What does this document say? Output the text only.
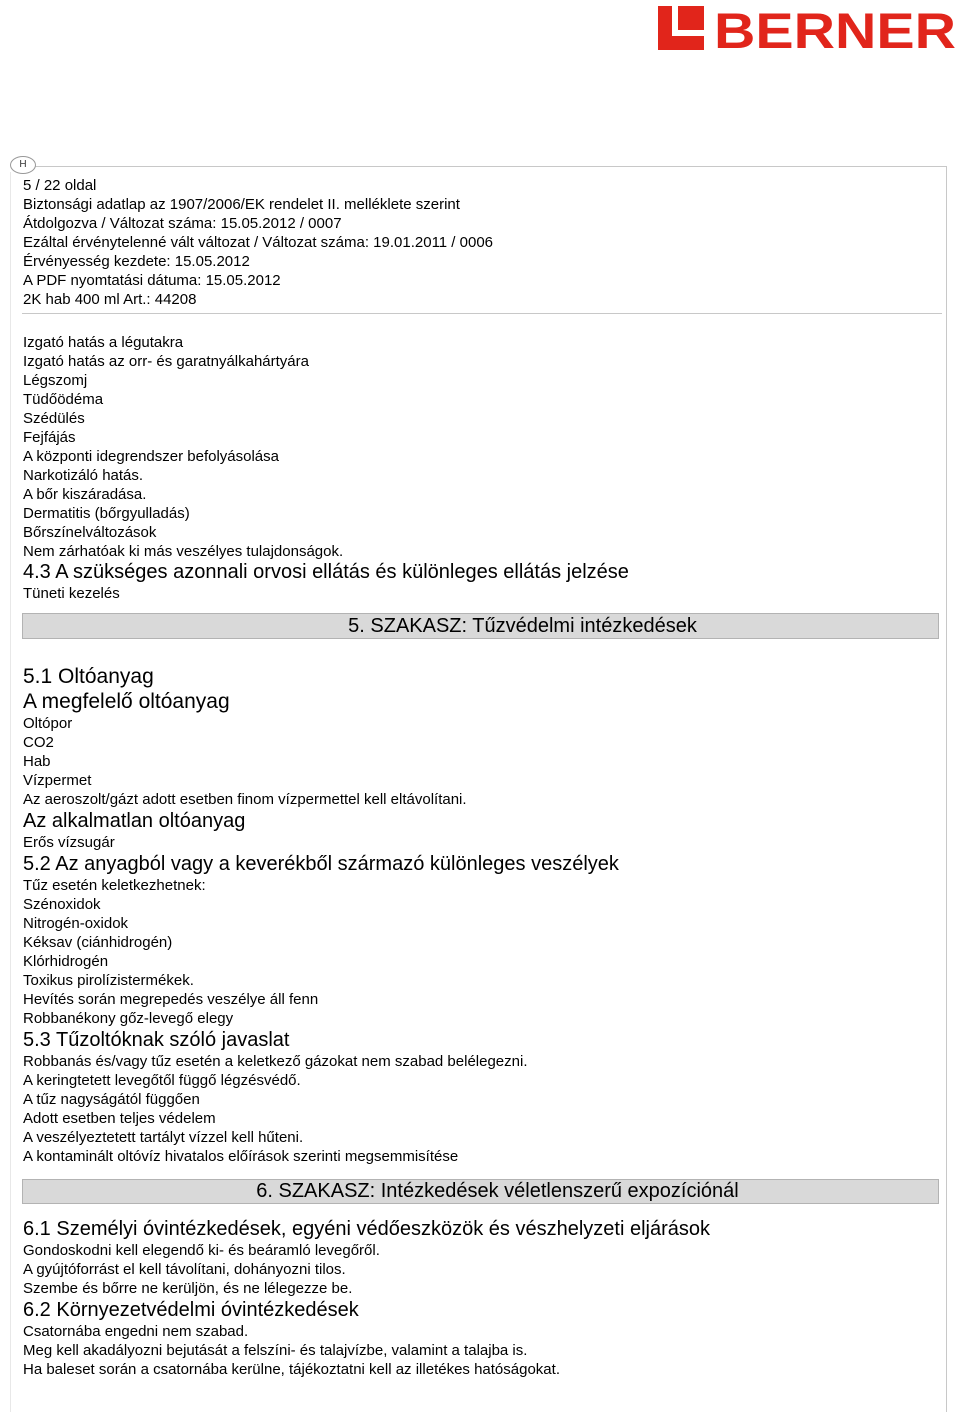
BERNER
H
5 / 22 oldal
Biztonsági adatlap az 1907/2006/EK rendelet II. melléklete szerint
Átdolgozva / Változat száma: 15.05.2012 / 0007
Ezáltal érvénytelenné vált változat / Változat száma: 19.01.2011 / 0006
Érvényesség kezdete: 15.05.2012
A PDF nyomtatási dátuma: 15.05.2012
2K hab 400 ml Art.: 44208
Izgató hatás a légutakra
Izgató hatás az orr- és garatnyálkahártyára
Légszomj
Tüdőödéma
Szédülés
Fejfájás
A központi idegrendszer befolyásolása
Narkotizáló hatás.
A bőr kiszáradása.
Dermatitis (bőrgyulladás)
Bőrszínelváltozások
Nem zárhatóak ki más veszélyes tulajdonságok.
4.3 A szükséges azonnali orvosi ellátás és különleges ellátás jelzése
Tüneti kezelés
5. SZAKASZ: Tűzvédelmi intézkedések
5.1 Oltóanyag
A megfelelő oltóanyag
Oltópor
CO2
Hab
Vízpermet
Az aeroszolt/gázt adott esetben finom vízpermettel kell eltávolítani.
Az alkalmatlan oltóanyag
Erős vízsugár
5.2 Az anyagból vagy a keverékből származó különleges veszélyek
Tűz esetén keletkezhetnek:
Szénoxidok
Nitrogén-oxidok
Kéksav (ciánhidrogén)
Klórhidrogén
Toxikus pirolízistermékek.
Hevítés során megrepedés veszélye áll fenn
Robbanékony gőz-levegő elegy
5.3 Tűzoltóknak szóló javaslat
Robbanás és/vagy tűz esetén a keletkező gázokat nem szabad belélegezni.
A keringtetett levegőtől függő légzésvédő.
A tűz nagyságától függően
Adott esetben teljes védelem
A veszélyeztetett tartályt vízzel kell hűteni.
A kontaminált oltóvíz hivatalos előírások szerinti megsemmisítése
6. SZAKASZ: Intézkedések véletlenszerű expozíciónál
6.1 Személyi óvintézkedések, egyéni védőeszközök és vészhelyzeti eljárások
Gondoskodni kell elegendő ki- és beáramló levegőről.
A gyújtóforrást el kell távolítani, dohányozni tilos.
Szembe és bőrre ne kerüljön, és ne lélegezze be.
6.2 Környezetvédelmi óvintézkedések
Csatornába engedni nem szabad.
Meg kell akadályozni bejutását a felszíni- és talajvízbe, valamint a talajba is.
Ha baleset során a csatornába kerülne, tájékoztatni kell az illetékes hatóságokat.
